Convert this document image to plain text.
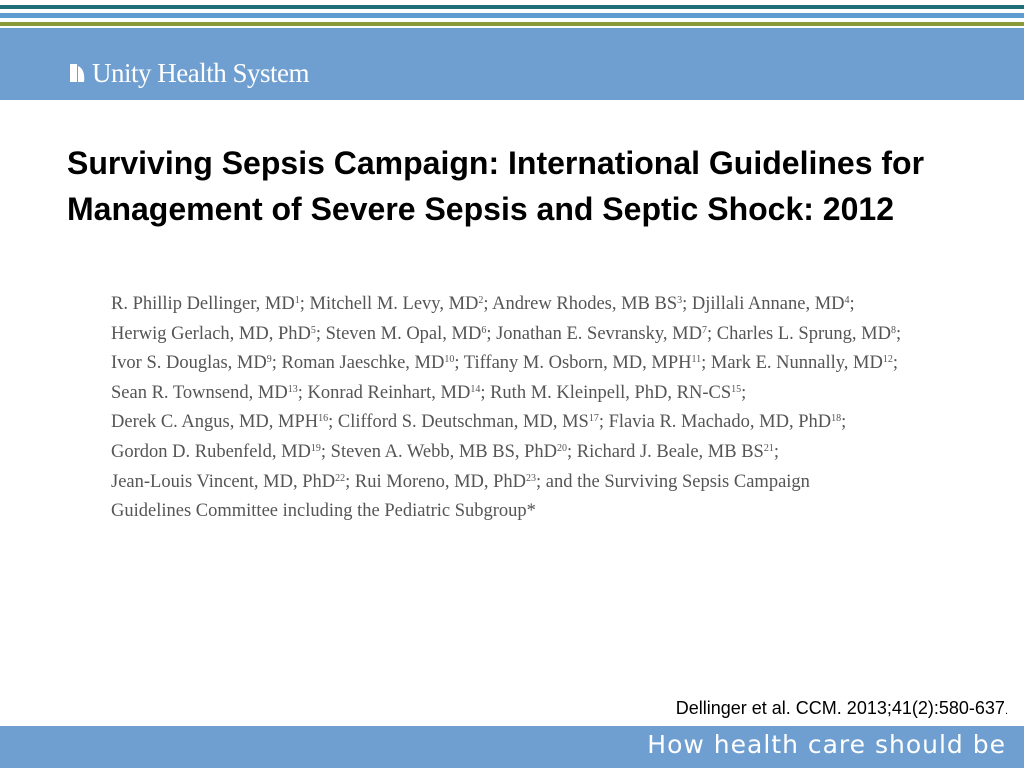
Unity Health System
Surviving Sepsis Campaign: International Guidelines for Management of Severe Sepsis and Septic Shock: 2012
R. Phillip Dellinger, $MD^1$; Mitchell M. Levy, $MD^2$; Andrew Rhodes, MB $BS^3$; Djillali Annane, $MD^4$;
Herwig Gerlach, MD, PhD$^5$; Steven M. Opal, $MD^6$; Jonathan E. Sevransky, $MD^7$; Charles L. Sprung, $MD^8$;
Ivor S. Douglas, $MD^9$; Roman Jaeschke, MD$^{10}$; Tiffany M. Osborn, MD, MPH$^{11}$; Mark E. Nunnally, MD$^{12}$;
Sean R. Townsend, MD$^{13}$; Konrad Reinhart, MD$^{14}$; Ruth M. Kleinpell, PhD, RN-CS$^{15}$;
Derek C. Angus, MD, MPH$^{16}$; Clifford S. Deutschman, MD, MS$^{17}$; Flavia R. Machado, MD, PhD$^{18}$;
Gordon D. Rubenfeld, MD$^{19}$; Steven A. Webb, MB BS, PhD$^{20}$; Richard J. Beale, MB BS$^{21}$;
Jean-Louis Vincent, MD, PhD$^{22}$; Rui Moreno, MD, PhD$^{23}$; and the Surviving Sepsis Campaign
Guidelines Committee including the Pediatric Subgroup*
Dellinger et al. CCM. 2013;41(2):580-637.
How health care should be
